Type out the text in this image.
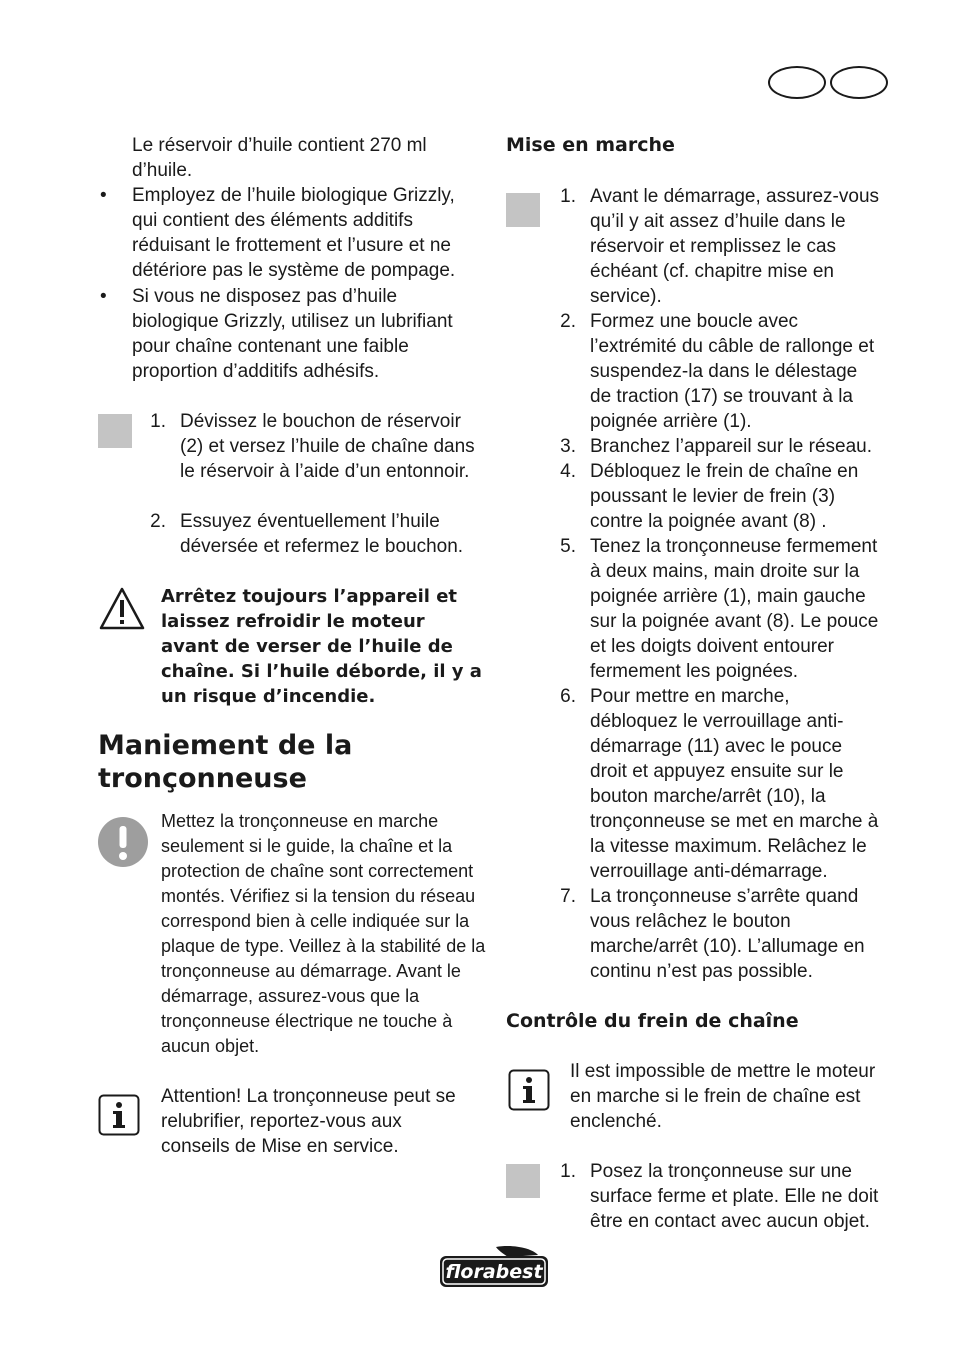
Le réservoir d’huile contient 270 ml d’huile.

• Employez de l’huile biologique Grizzly, qui contient des éléments additifs réduisant le frottement et l’usure et ne détériore pas le système de pompage.

• Si vous ne disposez pas d’huile biologique Grizzly, utilisez un lubrifiant pour chaîne contenant une faible proportion d’additifs adhésifs.

1. Dévissez le bouchon de réservoir (2) et versez l’huile de chaîne dans le réservoir à l’aide d’un entonnoir.

2. Essuyez éventuellement l’huile déversée et refermez le bouchon.

Arrêtez toujours l’appareil et laissez refroidir le moteur avant de verser de l’huile de chaîne. Si l’huile déborde, il y a un risque d’incendie.

Maniement de la tronçonneuse

Mettez la tronçonneuse en marche seulement si le guide, la chaîne et la protection de chaîne sont correctement montés. Vérifiez si la tension du réseau correspond bien à celle indiquée sur la plaque de type. Veillez à la stabilité de la tronçonneuse au démarrage. Avant le démarrage, assurez-vous que la tronçonneuse électrique ne touche à aucun objet.

Attention! La tronçonneuse peut se relubrifier, reportez-vous aux conseils de Mise en service.

Mise en marche
1. Avant le démarrage, assurez-vous qu’il y ait assez d’huile dans le réservoir et remplissez le cas échéant (cf. chapitre mise en service).

2. Formez une boucle avec l’extrémité du câble de rallonge et suspendez-la dans le délestage de traction (17) se trouvant à la poignée arrière (1).

3. Branchez l’appareil sur le réseau.

4. Débloquez le frein de chaîne en poussant le levier de frein (3) contre la poignée avant (8) .

5. Tenez la tronçonneuse fermement à deux mains, main droite sur la poignée arrière (1), main gauche sur la poignée avant (8). Le pouce et les doigts doivent entourer fermement les poignées.

6. Pour mettre en marche, débloquez le verrouillage anti-démarrage (11) avec le pouce droit et appuyez ensuite sur le bouton marche/arrêt (10), la tronçonneuse se met en marche à la vitesse maximum. Relâchez le verrouillage anti-démarrage.

7. La tronçonneuse s’arrête quand vous relâchez le bouton marche/arrêt (10). L’allumage en continu n’est pas possible.

Contrôle du frein de chaîne

Il est impossible de mettre le moteur en marche si le frein de chaîne est enclenché.

1. Posez la tronçonneuse sur une surface ferme et plate. Elle ne doit être en contact avec aucun objet.

florabest
